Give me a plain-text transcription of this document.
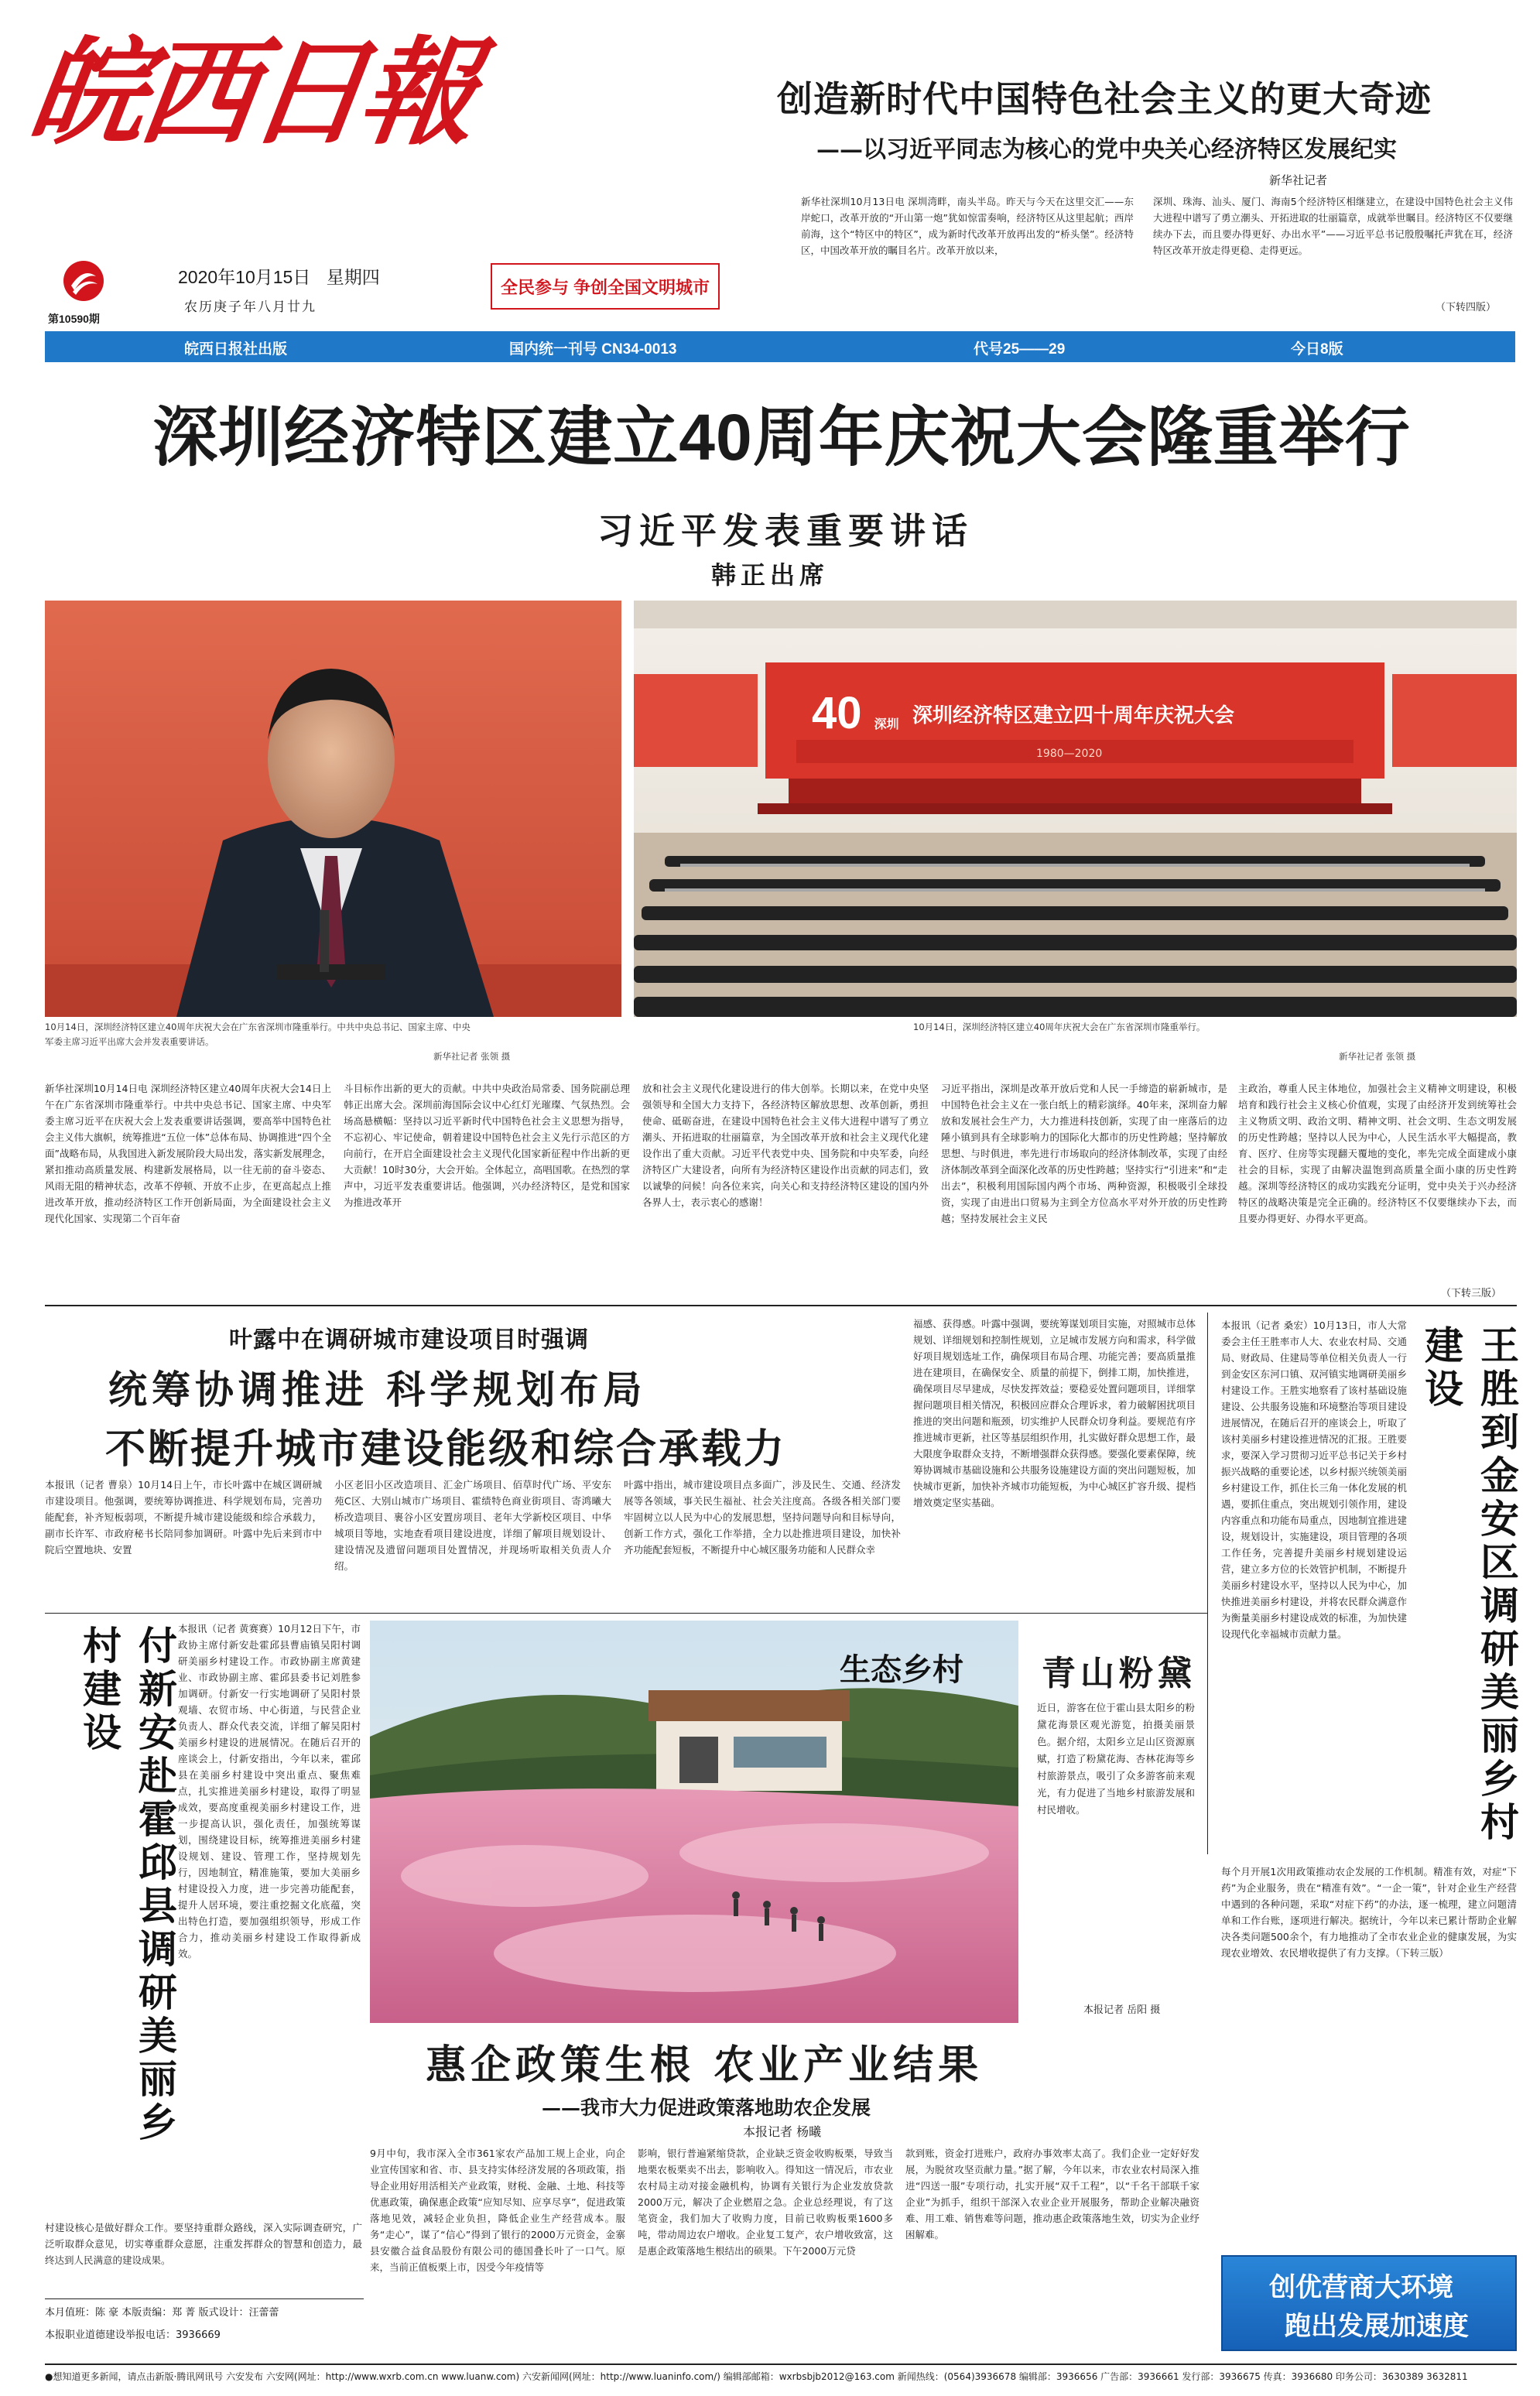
皖西日報
第10590期
2020年10月15日 星期四
农历庚子年八月廿九
全民参与 争创全国文明城市
创造新时代中国特色社会主义的更大奇迹
——以习近平同志为核心的党中央关心经济特区发展纪实
新华社记者
新华社深圳10月13日电 深圳湾畔，南头半岛。昨天与今天在这里交汇——东岸蛇口，改革开放的“开山第一炮”犹如惊雷奏响，经济特区从这里起航；西岸前海，这个“特区中的特区”，成为新时代改革开放再出发的“桥头堡”。经济特区，中国改革开放的瞩目名片。改革开放以来，
深圳、珠海、汕头、厦门、海南5个经济特区相继建立，在建设中国特色社会主义伟大进程中谱写了勇立潮头、开拓进取的壮丽篇章，成就举世瞩目。经济特区不仅要继续办下去，而且要办得更好、办出水平”——习近平总书记殷殷嘱托声犹在耳，经济特区改革开放走得更稳、走得更远。
（下转四版）
皖西日报社出版	国内统一刊号 CN34-0013	代号25——29	今日8版
深圳经济特区建立40周年庆祝大会隆重举行
习近平发表重要讲话
韩正出席
10月14日，深圳经济特区建立40周年庆祝大会在广东省深圳市隆重举行。中共中央总书记、国家主席、中央军委主席习近平出席大会并发表重要讲话。
新华社记者 张领 摄
40 深圳 深圳经济特区建立四十周年庆祝大会
1980—2020
10月14日，深圳经济特区建立40周年庆祝大会在广东省深圳市隆重举行。
新华社记者 张领 摄
新华社深圳10月14日电 深圳经济特区建立40周年庆祝大会14日上午在广东省深圳市隆重举行。中共中央总书记、国家主席、中央军委主席习近平在庆祝大会上发表重要讲话强调，要高举中国特色社会主义伟大旗帜，统筹推进“五位一体”总体布局、协调推进“四个全面”战略布局，从我国进入新发展阶段大局出发，落实新发展理念，紧扣推动高质量发展、构建新发展格局，以一往无前的奋斗姿态、风雨无阻的精神状态，改革不停顿、开放不止步，在更高起点上推进改革开放，推动经济特区工作开创新局面，为全面建设社会主义现代化国家、实现第二个百年奋
斗目标作出新的更大的贡献。中共中央政治局常委、国务院副总理韩正出席大会。深圳前海国际会议中心红灯光璀璨、气氛热烈。会场高悬横幅：坚持以习近平新时代中国特色社会主义思想为指导，不忘初心、牢记使命，朝着建设中国特色社会主义先行示范区的方向前行，在开启全面建设社会主义现代化国家新征程中作出新的更大贡献！10时30分，大会开始。全体起立，高唱国歌。在热烈的掌声中，习近平发表重要讲话。他强调，兴办经济特区，是党和国家为推进改革开
放和社会主义现代化建设进行的伟大创举。长期以来，在党中央坚强领导和全国大力支持下，各经济特区解放思想、改革创新，勇担使命、砥砺奋进，在建设中国特色社会主义伟大进程中谱写了勇立潮头、开拓进取的壮丽篇章，为全国改革开放和社会主义现代化建设作出了重大贡献。习近平代表党中央、国务院和中央军委，向经济特区广大建设者，向所有为经济特区建设作出贡献的同志们，致以诚挚的问候！向各位来宾，向关心和支持经济特区建设的国内外各界人士，表示衷心的感谢！
习近平指出，深圳是改革开放后党和人民一手缔造的崭新城市，是中国特色社会主义在一张白纸上的精彩演绎。40年来，深圳奋力解放和发展社会生产力，大力推进科技创新，实现了由一座落后的边陲小镇到具有全球影响力的国际化大都市的历史性跨越；坚持解放思想、与时俱进，率先进行市场取向的经济体制改革，实现了由经济体制改革到全面深化改革的历史性跨越；坚持实行“引进来”和“走出去”，积极利用国际国内两个市场、两种资源，积极吸引全球投资，实现了由进出口贸易为主到全方位高水平对外开放的历史性跨越；坚持发展社会主义民
主政治，尊重人民主体地位，加强社会主义精神文明建设，积极培育和践行社会主义核心价值观，实现了由经济开发到统筹社会主义物质文明、政治文明、精神文明、社会文明、生态文明发展的历史性跨越；坚持以人民为中心，人民生活水平大幅提高，教育、医疗、住房等实现翻天覆地的变化，率先完成全面建成小康社会的目标，实现了由解决温饱到高质量全面小康的历史性跨越。深圳等经济特区的成功实践充分证明，党中央关于兴办经济特区的战略决策是完全正确的。经济特区不仅要继续办下去，而且要办得更好、办得水平更高。
（下转三版）
叶露中在调研城市建设项目时强调
统筹协调推进 科学规划布局
不断提升城市建设能级和综合承载力
本报讯（记者 曹泉）10月14日上午，市长叶露中在城区调研城市建设项目。他强调，要统筹协调推进、科学规划布局，完善功能配套，补齐短板弱项，不断提升城市建设能级和综合承载力，副市长许军、市政府秘书长陪同参加调研。叶露中先后来到市中院后空置地块、安置
小区老旧小区改造项目、汇金广场项目、佰草时代广场、平安东苑C区、大别山城市广场项目、霍绩特色商业街项目、寄鸿曦大桥改造项目、裹谷小区安置房项目、老年大学新校区项目、中华城项目等地，实地查看项目建设进度，详细了解项目规划设计、建设情况及遗留问题项目处置情况，并现场听取相关负责人介绍。
叶露中指出，城市建设项目点多面广，涉及民生、交通、经济发展等各领域，事关民生福祉、社会关注度高。各级各相关部门要牢固树立以人民为中心的发展思想，坚持问题导向和目标导向，创新工作方式，强化工作举措，全力以赴推进项目建设，加快补齐功能配套短板，不断提升中心城区服务功能和人民群众幸
福感、获得感。叶露中强调，要统筹谋划项目实施，对照城市总体规划、详细规划和控制性规划，立足城市发展方向和需求，科学做好项目规划选址工作，确保项目布局合理、功能完善；要高质量推进在建项目，在确保安全、质量的前提下，倒排工期，加快推进，确保项目尽早建成，尽快发挥效益；要稳妥处置问题项目，详细掌握问题项目相关情况，积极回应群众合理诉求，着力破解困扰项目推进的突出问题和瓶颈，切实维护人民群众切身利益。要规范有序推进城市更新，社区等基层组织作用，扎实做好群众思想工作，最大限度争取群众支持，不断增强群众获得感。要强化要素保障，统筹协调城市基础设施和公共服务设施建设方面的突出问题短板，加快城市更新，加快补齐城市功能短板，为中心城区扩容升级、提档增效奠定坚实基础。	王胜到金安区调研美丽乡村建设
本报讯（记者 桑宏）10月13日，市人大常委会主任王胜率市人大、农业农村局、交通局、财政局、住建局等单位相关负责人一行到金安区东河口镇、双河镇实地调研美丽乡村建设工作。王胜实地察看了该村基础设施建设、公共服务设施和环境整治等项目建设进展情况，在随后召开的座谈会上，听取了该村美丽乡村建设推进情况的汇报。王胜要求，要深入学习贯彻习近平总书记关于乡村振兴战略的重要论述，以乡村振兴统领美丽乡村建设工作，抓住长三角一体化发展的机遇，要抓住重点，突出规划引领作用，建设内容重点和功能布局重点，因地制宜推进建设，规划设计，实施建设，项目管理的各项工作任务，完善提升美丽乡村规划建设运营，建立多方位的长效管护机制，不断提升美丽乡村建设水平，坚持以人民为中心，加快推进美丽乡村建设，并将农民群众满意作为衡量美丽乡村建设成效的标准，为加快建设现代化幸福城市贡献力量。
付新安赴霍邱县调研美丽乡村建设	本报讯（记者 黄赛赛）10月12日下午，市政协主席付新安赴霍邱县曹庙镇吴阳村调研美丽乡村建设工作。市政协副主席黄建业、市政协副主席、霍邱县委书记刘胜参加调研。付新安一行实地调研了吴阳村景观墙、农贸市场、中心街道，与民营企业负责人、群众代表交流，详细了解吴阳村美丽乡村建设的进展情况。在随后召开的座谈会上，付新安指出，今年以来，霍邱县在美丽乡村建设中突出重点、聚焦难点，扎实推进美丽乡村建设，取得了明显成效，要高度重视美丽乡村建设工作，进一步提高认识，强化责任，加强统筹谋划，围绕建设目标，统筹推进美丽乡村建设规划、建设、管理工作，坚持规划先行，因地制宜，精准施策，要加大美丽乡村建设投入力度，进一步完善功能配套，提升人居环境，要注重挖掘文化底蕴，突出特色打造，要加强组织领导，形成工作合力，推动美丽乡村建设工作取得新成效。
村建设核心是做好群众工作。要坚持重群众路线，深入实际调查研究，广泛听取群众意见，切实尊重群众意愿，注重发挥群众的智慧和创造力，最终达到人民满意的建设成果。
生态乡村 青山粉黛
近日，游客在位于霍山县太阳乡的粉黛花海景区观光游览，拍摄美丽景色。据介绍，太阳乡立足山区资源禀赋，打造了粉黛花海、杏林花海等乡村旅游景点，吸引了众多游客前来观光，有力促进了当地乡村旅游发展和村民增收。
本报记者 岳阳 摄
惠企政策生根 农业产业结果
——我市大力促进政策落地助农企发展
本报记者 杨曦
9月中旬，我市深入全市361家农产品加工规上企业，向企业宣传国家和省、市、县支持实体经济发展的各项政策，指导企业用好用活相关产业政策，财税、金融、土地、科技等优惠政策，确保惠企政策“应知尽知、应享尽享”，促进政策落地见效，减轻企业负担，降低企业生产经营成本。服务“走心”，谋了“信心”得到了银行的2000万元资金，金寨县安徽合益食品股份有限公司的德国叠长叶了一口气。原来，当前正值板栗上市，因受今年疫情等
影响，银行普遍紧缩贷款，企业缺乏资金收购板栗，导致当地栗农板栗卖不出去，影响收入。得知这一情况后，市农业农村局主动对接金融机构，协调有关银行为企业发放贷款2000万元，解决了企业燃眉之急。企业总经理说，有了这笔资金，我们加大了收购力度，目前已收购板栗1600多吨，带动周边农户增收。企业复工复产，农户增收致富，这是惠企政策落地生根结出的硕果。下午2000万元贷
款到账，资金打进账户，政府办事效率太高了。我们企业一定好好发展，为脱贫攻坚贡献力量。”据了解，今年以来，市农业农村局深入推进“四送一服”专项行动，扎实开展“双千工程”，以“千名干部联千家企业”为抓手，组织干部深入农业企业开展服务，帮助企业解决融资难、用工难、销售难等问题，推动惠企政策落地生效，切实为企业纾困解难。
每个月开展1次用政策推动农企发展的工作机制。精准有效，对症“下药”为企业服务，贵在“精准有效”。“一企一策”，针对企业生产经营中遇到的各种问题，采取“对症下药”的办法，逐一梳理，建立问题清单和工作台账，逐项进行解决。据统计，今年以来已累计帮助企业解决各类问题500余个，有力地推动了全市农业企业的健康发展，为实现农业增效、农民增收提供了有力支撑。（下转三版）
创优营商大环境
跑出发展加速度
本月值班：陈 豪 本版责编：郑 菁 版式设计：汪蕾蕾
本报职业道德建设举报电话：3936669
●想知道更多新闻，请点击新版·腾讯网讯号 六安发布 六安网(网址：http://www.wxrb.com.cn www.luanw.com) 六安新闻网(网址：http://www.luaninfo.com/) 编辑部邮箱：wxrbsbjb2012@163.com 新闻热线：(0564)3936678 编辑部：3936656 广告部：3936661 发行部：3936675 传真：3936680 印务公司：3630389 3632811
